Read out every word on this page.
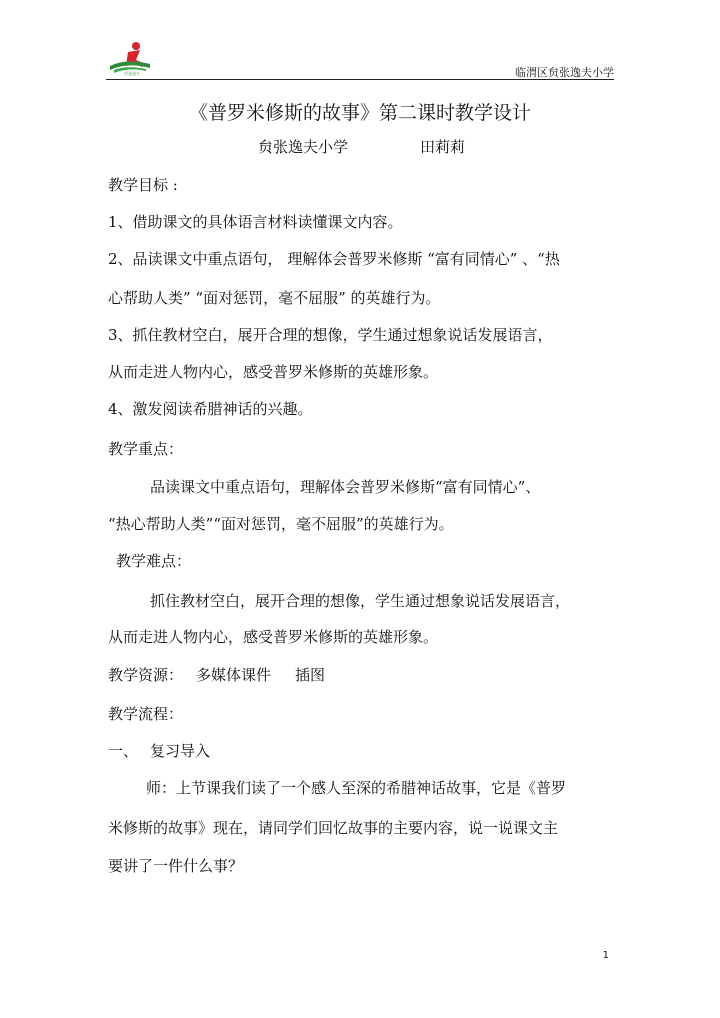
贠张逸夫	临渭区贠张逸夫小学
《普罗米修斯的故事》第二课时教学设计
贠张逸夫小学	田莉莉
教学目标 :
1、借助课文的具体语言材料读懂课文内容。
2、品读课文中重点语句， 理解体会普罗米修斯 “富有同情心” 、“热
心帮助人类” “面对惩罚，毫不屈服” 的英雄行为。
3、抓住教材空白，展开合理的想像，学生通过想象说话发展语言，
从而走进人物内心，感受普罗米修斯的英雄形象。
4、激发阅读希腊神话的兴趣。
教学重点：
品读课文中重点语句，理解体会普罗米修斯“富有同情心”、
“热心帮助人类”“面对惩罚，毫不屈服”的英雄行为。
教学难点：
抓住教材空白，展开合理的想像，学生通过想象说话发展语言，
从而走进人物内心，感受普罗米修斯的英雄形象。
教学资源： 多媒体课件 插图
教学流程：
一、 复习导入
师：上节课我们读了一个感人至深的希腊神话故事，它是《普罗
米修斯的故事》现在，请同学们回忆故事的主要内容，说一说课文主
要讲了一件什么事？
1
